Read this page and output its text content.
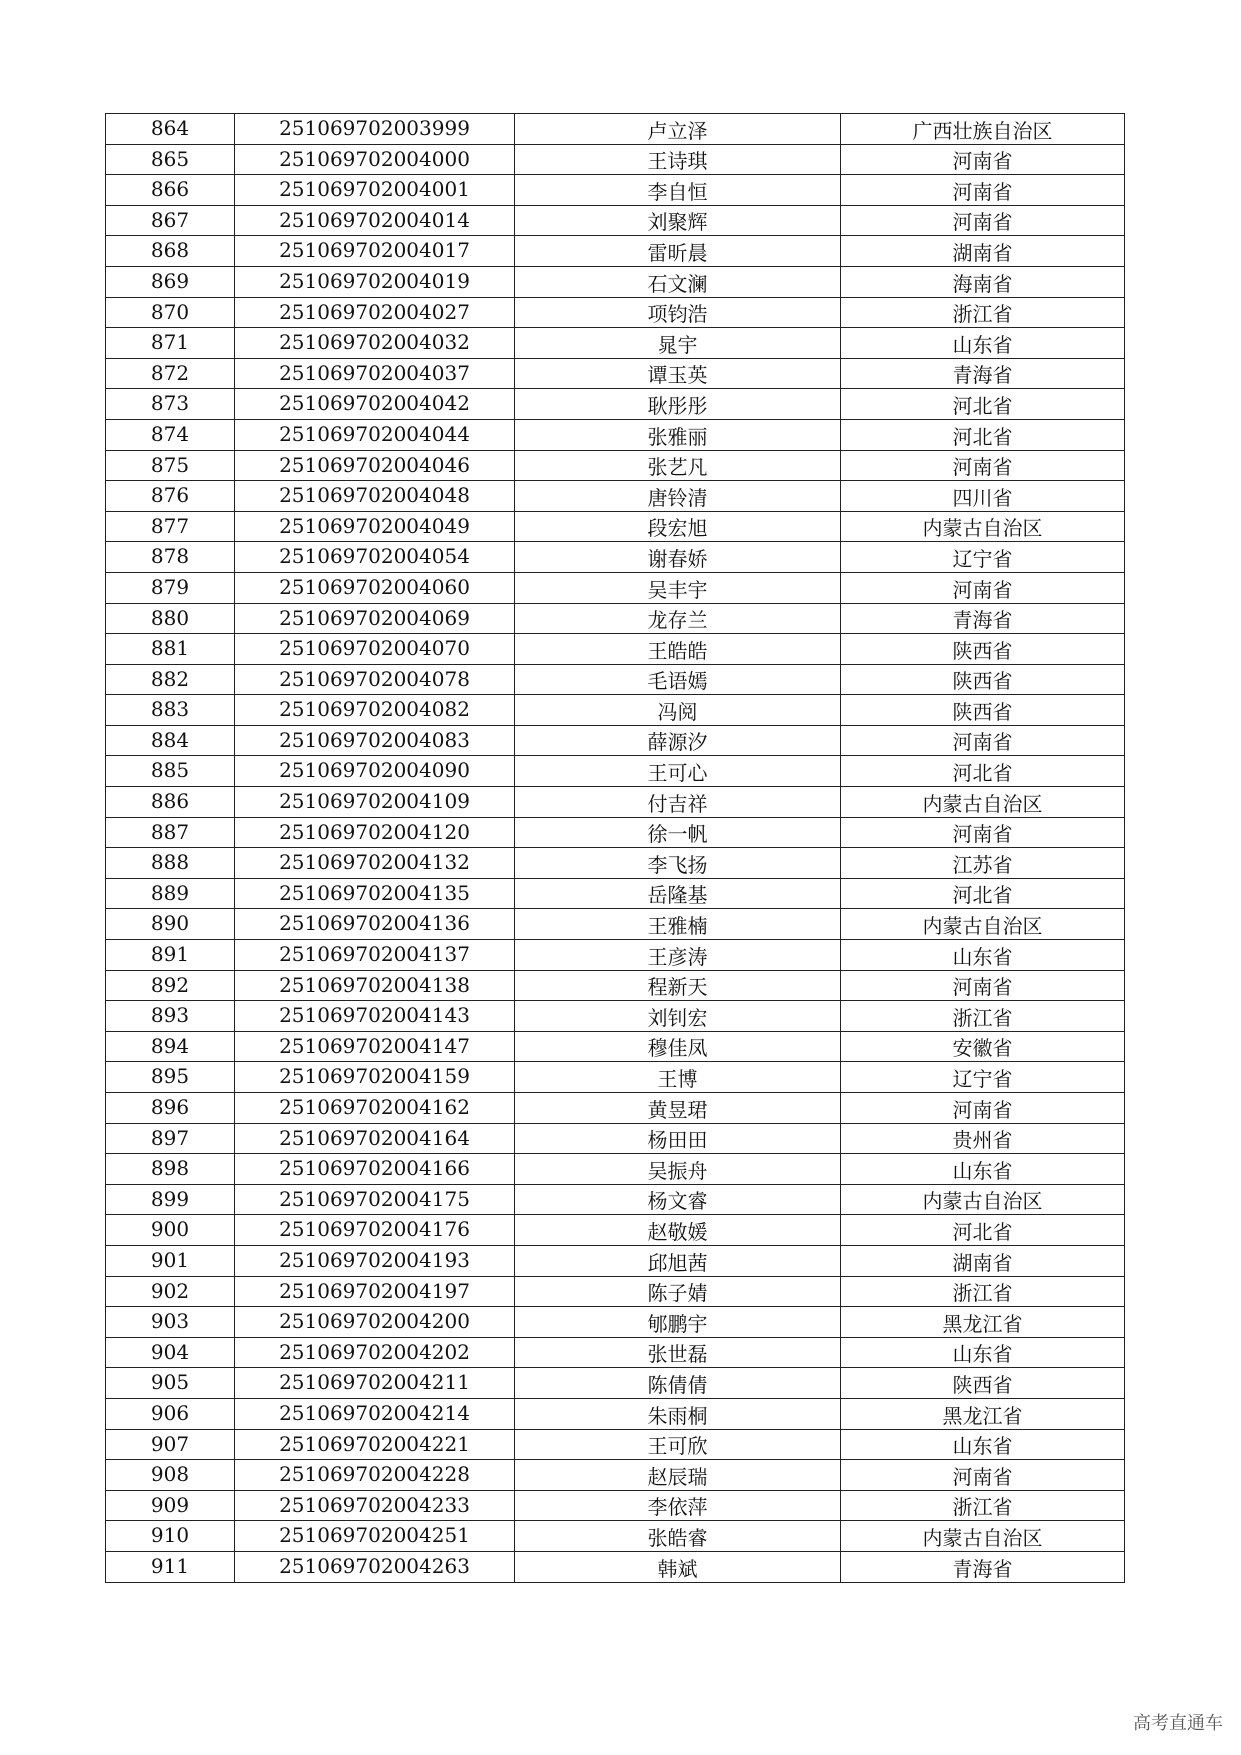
864	251069702003999	卢立泽	广西壮族自治区
865	251069702004000	王诗琪	河南省
866	251069702004001	李自恒	河南省
867	251069702004014	刘聚辉	河南省
868	251069702004017	雷昕晨	湖南省
869	251069702004019	石文澜	海南省
870	251069702004027	项钧浩	浙江省
871	251069702004032	晁宇	山东省
872	251069702004037	谭玉英	青海省
873	251069702004042	耿彤彤	河北省
874	251069702004044	张雅丽	河北省
875	251069702004046	张艺凡	河南省
876	251069702004048	唐铃清	四川省
877	251069702004049	段宏旭	内蒙古自治区
878	251069702004054	谢春娇	辽宁省
879	251069702004060	吴丰宇	河南省
880	251069702004069	龙存兰	青海省
881	251069702004070	王皓皓	陕西省
882	251069702004078	毛语嫣	陕西省
883	251069702004082	冯阅	陕西省
884	251069702004083	薛源汐	河南省
885	251069702004090	王可心	河北省
886	251069702004109	付吉祥	内蒙古自治区
887	251069702004120	徐一帆	河南省
888	251069702004132	李飞扬	江苏省
889	251069702004135	岳隆基	河北省
890	251069702004136	王雅楠	内蒙古自治区
891	251069702004137	王彦涛	山东省
892	251069702004138	程新天	河南省
893	251069702004143	刘钊宏	浙江省
894	251069702004147	穆佳凤	安徽省
895	251069702004159	王博	辽宁省
896	251069702004162	黄昱珺	河南省
897	251069702004164	杨田田	贵州省
898	251069702004166	吴振舟	山东省
899	251069702004175	杨文睿	内蒙古自治区
900	251069702004176	赵敬媛	河北省
901	251069702004193	邱旭茜	湖南省
902	251069702004197	陈子婧	浙江省
903	251069702004200	郇鹏宇	黑龙江省
904	251069702004202	张世磊	山东省
905	251069702004211	陈倩倩	陕西省
906	251069702004214	朱雨桐	黑龙江省
907	251069702004221	王可欣	山东省
908	251069702004228	赵辰瑞	河南省
909	251069702004233	李依萍	浙江省
910	251069702004251	张皓睿	内蒙古自治区
911	251069702004263	韩斌	青海省
高考直通车
